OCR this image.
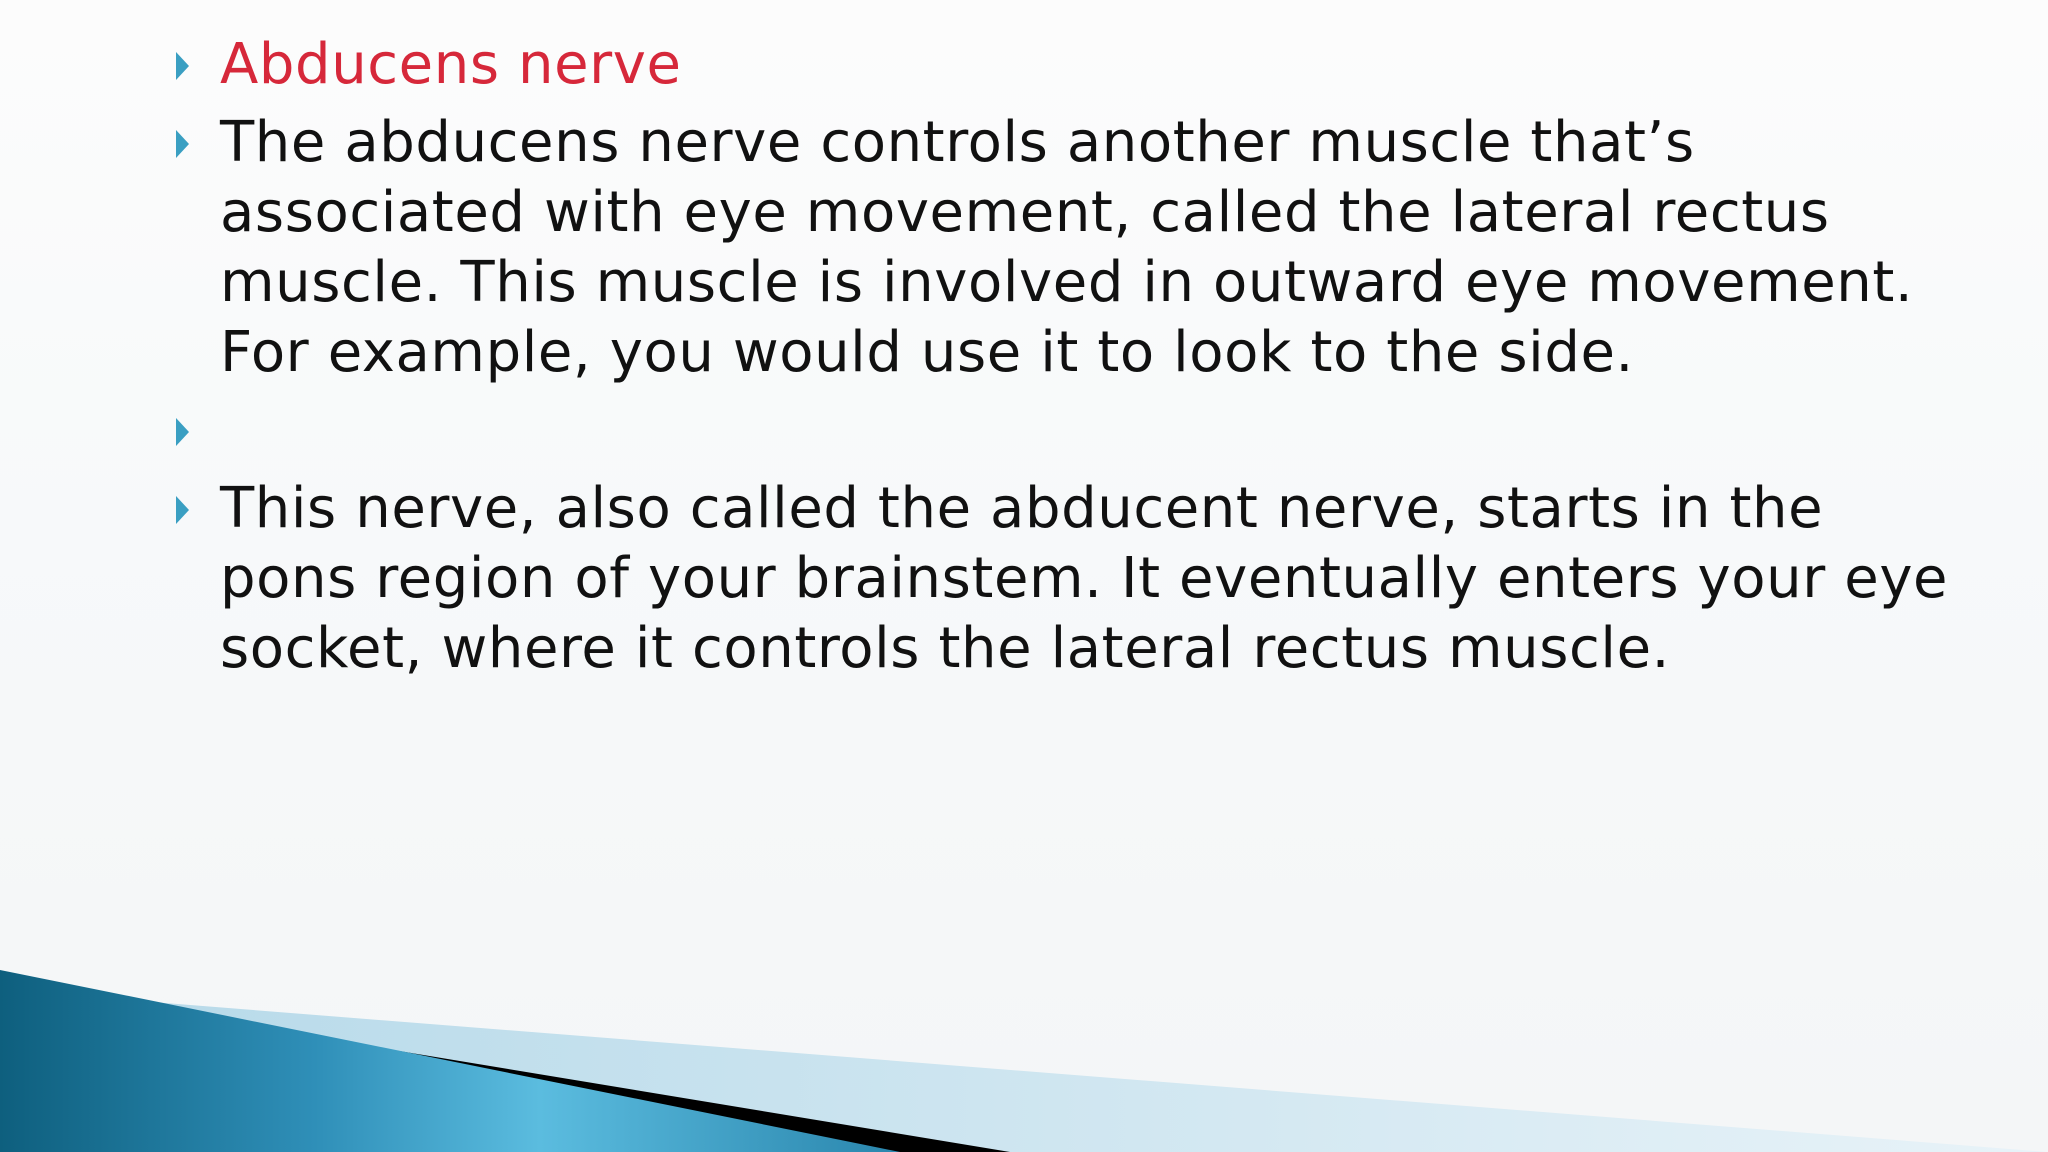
Abducens nerve
The abducens nerve controls another muscle that’s associated with eye movement, called the lateral rectus muscle. This muscle is involved in outward eye movement. For example, you would use it to look to the side.
This nerve, also called the abducent nerve, starts in the pons region of your brainstem. It eventually enters your eye socket, where it controls the lateral rectus muscle.
